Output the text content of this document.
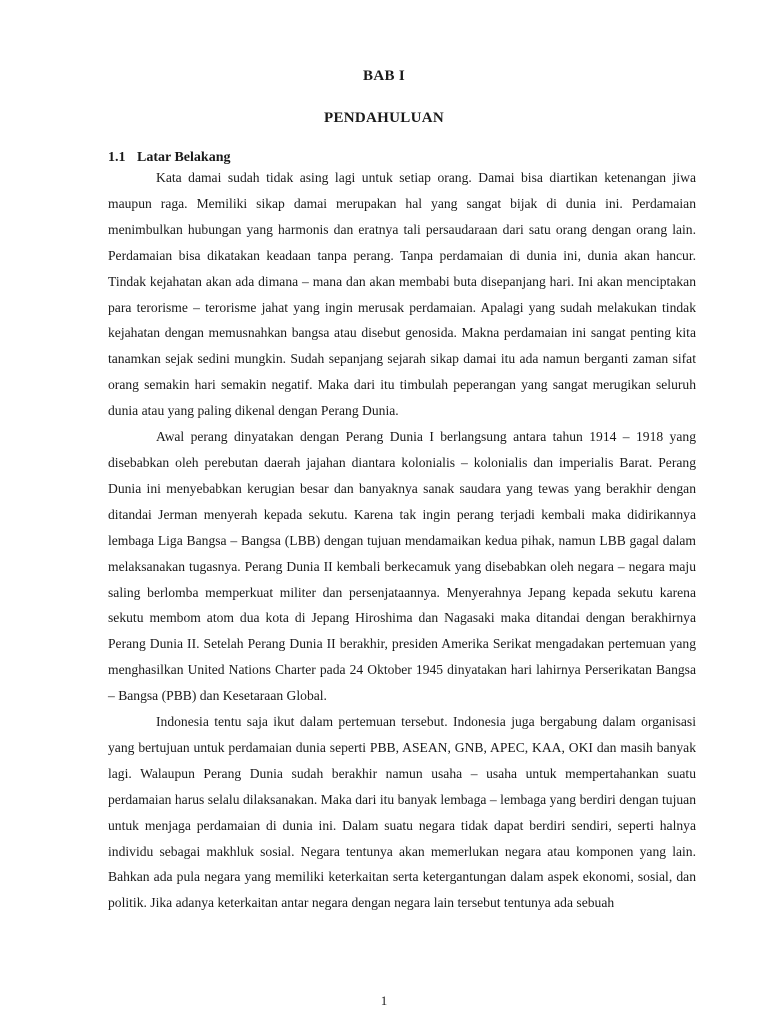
BAB I
PENDAHULUAN
1.1 Latar Belakang

Kata damai sudah tidak asing lagi untuk setiap orang. Damai bisa diartikan ketenangan jiwa maupun raga. Memiliki sikap damai merupakan hal yang sangat bijak di dunia ini. Perdamaian menimbulkan hubungan yang harmonis dan eratnya tali persaudaraan dari satu orang dengan orang lain. Perdamaian bisa dikatakan keadaan tanpa perang. Tanpa perdamaian di dunia ini, dunia akan hancur. Tindak kejahatan akan ada dimana – mana dan akan membabi buta disepanjang hari. Ini akan menciptakan para terorisme – terorisme jahat yang ingin merusak perdamaian. Apalagi yang sudah melakukan tindak kejahatan dengan memusnahkan bangsa atau disebut genosida. Makna perdamaian ini sangat penting kita tanamkan sejak sedini mungkin. Sudah sepanjang sejarah sikap damai itu ada namun berganti zaman sifat orang semakin hari semakin negatif. Maka dari itu timbulah peperangan yang sangat merugikan seluruh dunia atau yang paling dikenal dengan Perang Dunia.

Awal perang dinyatakan dengan Perang Dunia I berlangsung antara tahun 1914 – 1918 yang disebabkan oleh perebutan daerah jajahan diantara kolonialis – kolonialis dan imperialis Barat. Perang Dunia ini menyebabkan kerugian besar dan banyaknya sanak saudara yang tewas yang berakhir dengan ditandai Jerman menyerah kepada sekutu. Karena tak ingin perang terjadi kembali maka didirikannya lembaga Liga Bangsa – Bangsa (LBB) dengan tujuan mendamaikan kedua pihak, namun LBB gagal dalam melaksanakan tugasnya. Perang Dunia II kembali berkecamuk yang disebabkan oleh negara – negara maju saling berlomba memperkuat militer dan persenjataannya. Menyerahnya Jepang kepada sekutu karena sekutu membom atom dua kota di Jepang Hiroshima dan Nagasaki maka ditandai dengan berakhirnya Perang Dunia II. Setelah Perang Dunia II berakhir, presiden Amerika Serikat mengadakan pertemuan yang menghasilkan United Nations Charter pada 24 Oktober 1945 dinyatakan hari lahirnya Perserikatan Bangsa – Bangsa (PBB) dan Kesetaraan Global.

Indonesia tentu saja ikut dalam pertemuan tersebut. Indonesia juga bergabung dalam organisasi yang bertujuan untuk perdamaian dunia seperti PBB, ASEAN, GNB, APEC, KAA, OKI dan masih banyak lagi. Walaupun Perang Dunia sudah berakhir namun usaha – usaha untuk mempertahankan suatu perdamaian harus selalu dilaksanakan. Maka dari itu banyak lembaga – lembaga yang berdiri dengan tujuan untuk menjaga perdamaian di dunia ini. Dalam suatu negara tidak dapat berdiri sendiri, seperti halnya individu sebagai makhluk sosial. Negara tentunya akan memerlukan negara atau komponen yang lain. Bahkan ada pula negara yang memiliki keterkaitan serta ketergantungan dalam aspek ekonomi, sosial, dan politik. Jika adanya keterkaitan antar negara dengan negara lain tersebut tentunya ada sebuah

1
